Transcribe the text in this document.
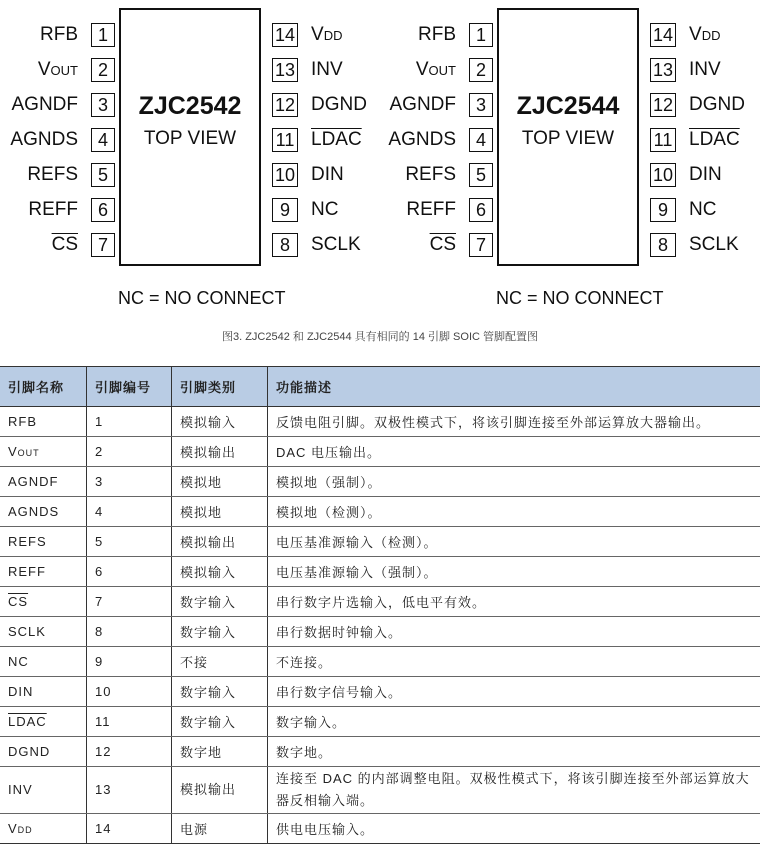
ZJC2542
TOP VIEW
RFB	1
VOUT	2
AGNDF	3
AGNDS	4
REFS	5
REFF	6
$\overline{CS}$	7
14 VDD
13 INV
12 DGND
11 LDAC
10 DIN
9	NC
8	SCLK
NC = NO CONNECT
ZJC2544
TOP VIEW
RFB	1
VOUT	2
AGNDF	3
AGNDS	4
REFS	5
REFF	6
$\overline{CS}$	7
14 VDD
13 INV
12 DGND
11 LDAC
10 DIN
9	NC
8	SCLK
NC = NO CONNECT
图3. ZJC2542 和 ZJC2544 具有相同的 14 引脚 SOIC 管脚配置图
引脚名称	引脚编号	引脚类别	功能描述
RFB	1	模拟输入	反馈电阻引脚。双极性模式下，将该引脚连接至外部运算放大器输出。
VOUT	2	模拟输出	DAC 电压输出。
AGNDF	3	模拟地	模拟地（强制）。
AGNDS	4	模拟地	模拟地（检测）。
REFS	5	模拟输出	电压基准源输入（检测）。
REFF	6	模拟输入	电压基准源输入（强制）。
$\overline{CS}$	7	数字输入	串行数字片选输入，低电平有效。
SCLK	8	数字输入	串行数据时钟输入。
NC	9	不接	不连接。
DIN	10	数字输入	串行数字信号输入。
LDAC	11	数字输入	数字输入。
DGND	12	数字地	数字地。
INV	13	模拟输出	连接至 DAC 的内部调整电阻。双极性模式下，将该引脚连接至外部运算放大器反相输入端。
VDD	14	电源	供电电压输入。
